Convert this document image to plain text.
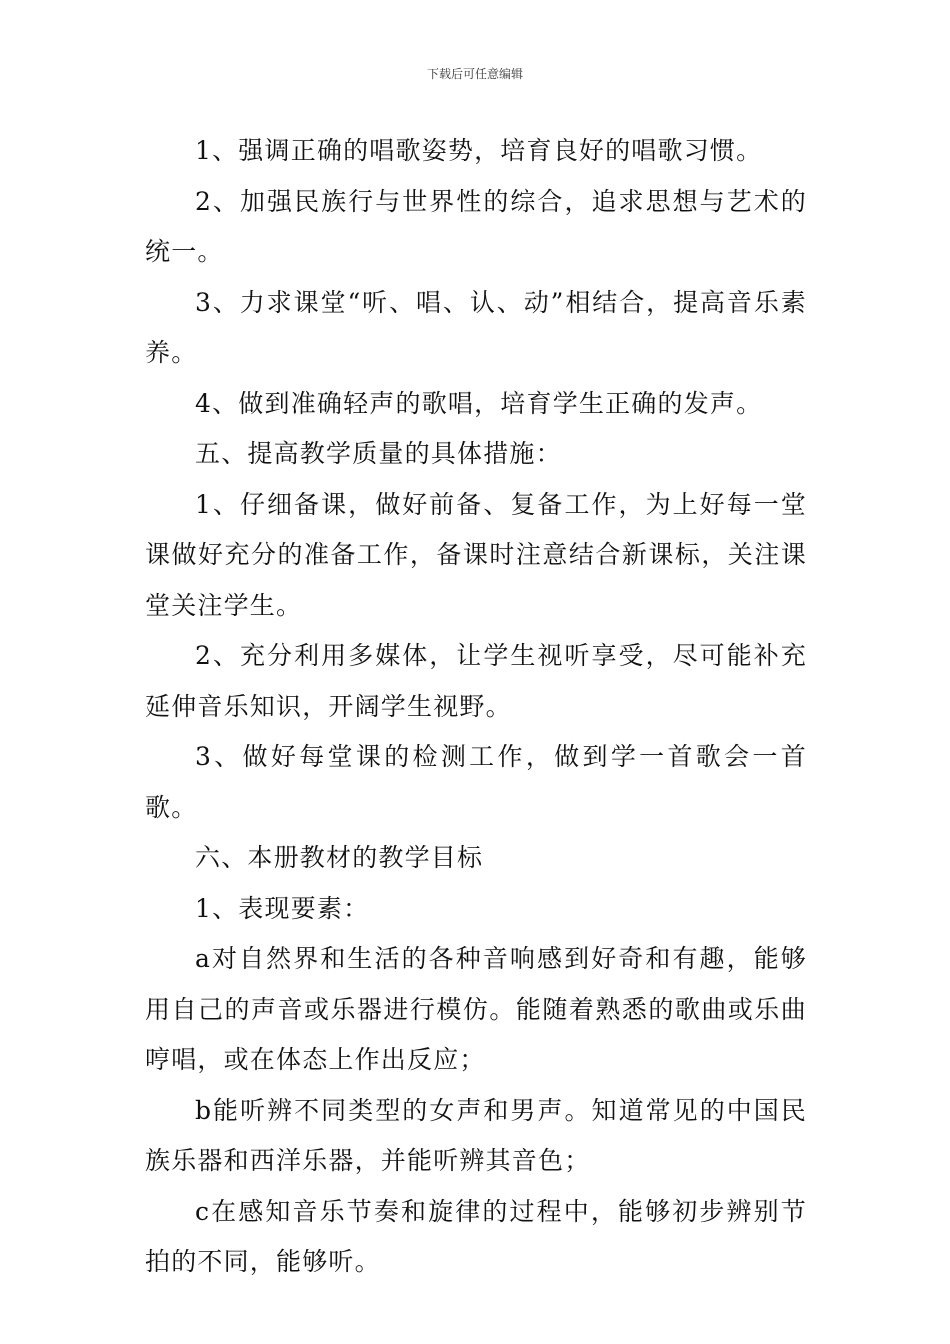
下载后可任意编辑

1、强调正确的唱歌姿势，培育良好的唱歌习惯。

2、加强民族行与世界性的综合，追求思想与艺术的统一。

3、力求课堂“听、唱、认、动”相结合，提高音乐素养。

4、做到准确轻声的歌唱，培育学生正确的发声。

五、提高教学质量的具体措施：

1、仔细备课，做好前备、复备工作，为上好每一堂课做好充分的准备工作，备课时注意结合新课标，关注课堂关注学生。

2、充分利用多媒体，让学生视听享受，尽可能补充延伸音乐知识，开阔学生视野。

3、做好每堂课的检测工作，做到学一首歌会一首歌。

六、本册教材的教学目标

1、表现要素：

a对自然界和生活的各种音响感到好奇和有趣，能够用自己的声音或乐器进行模仿。能随着熟悉的歌曲或乐曲哼唱，或在体态上作出反应；

b能听辨不同类型的女声和男声。知道常见的中国民族乐器和西洋乐器，并能听辨其音色；

c在感知音乐节奏和旋律的过程中，能够初步辨别节拍的不同，能够听。
